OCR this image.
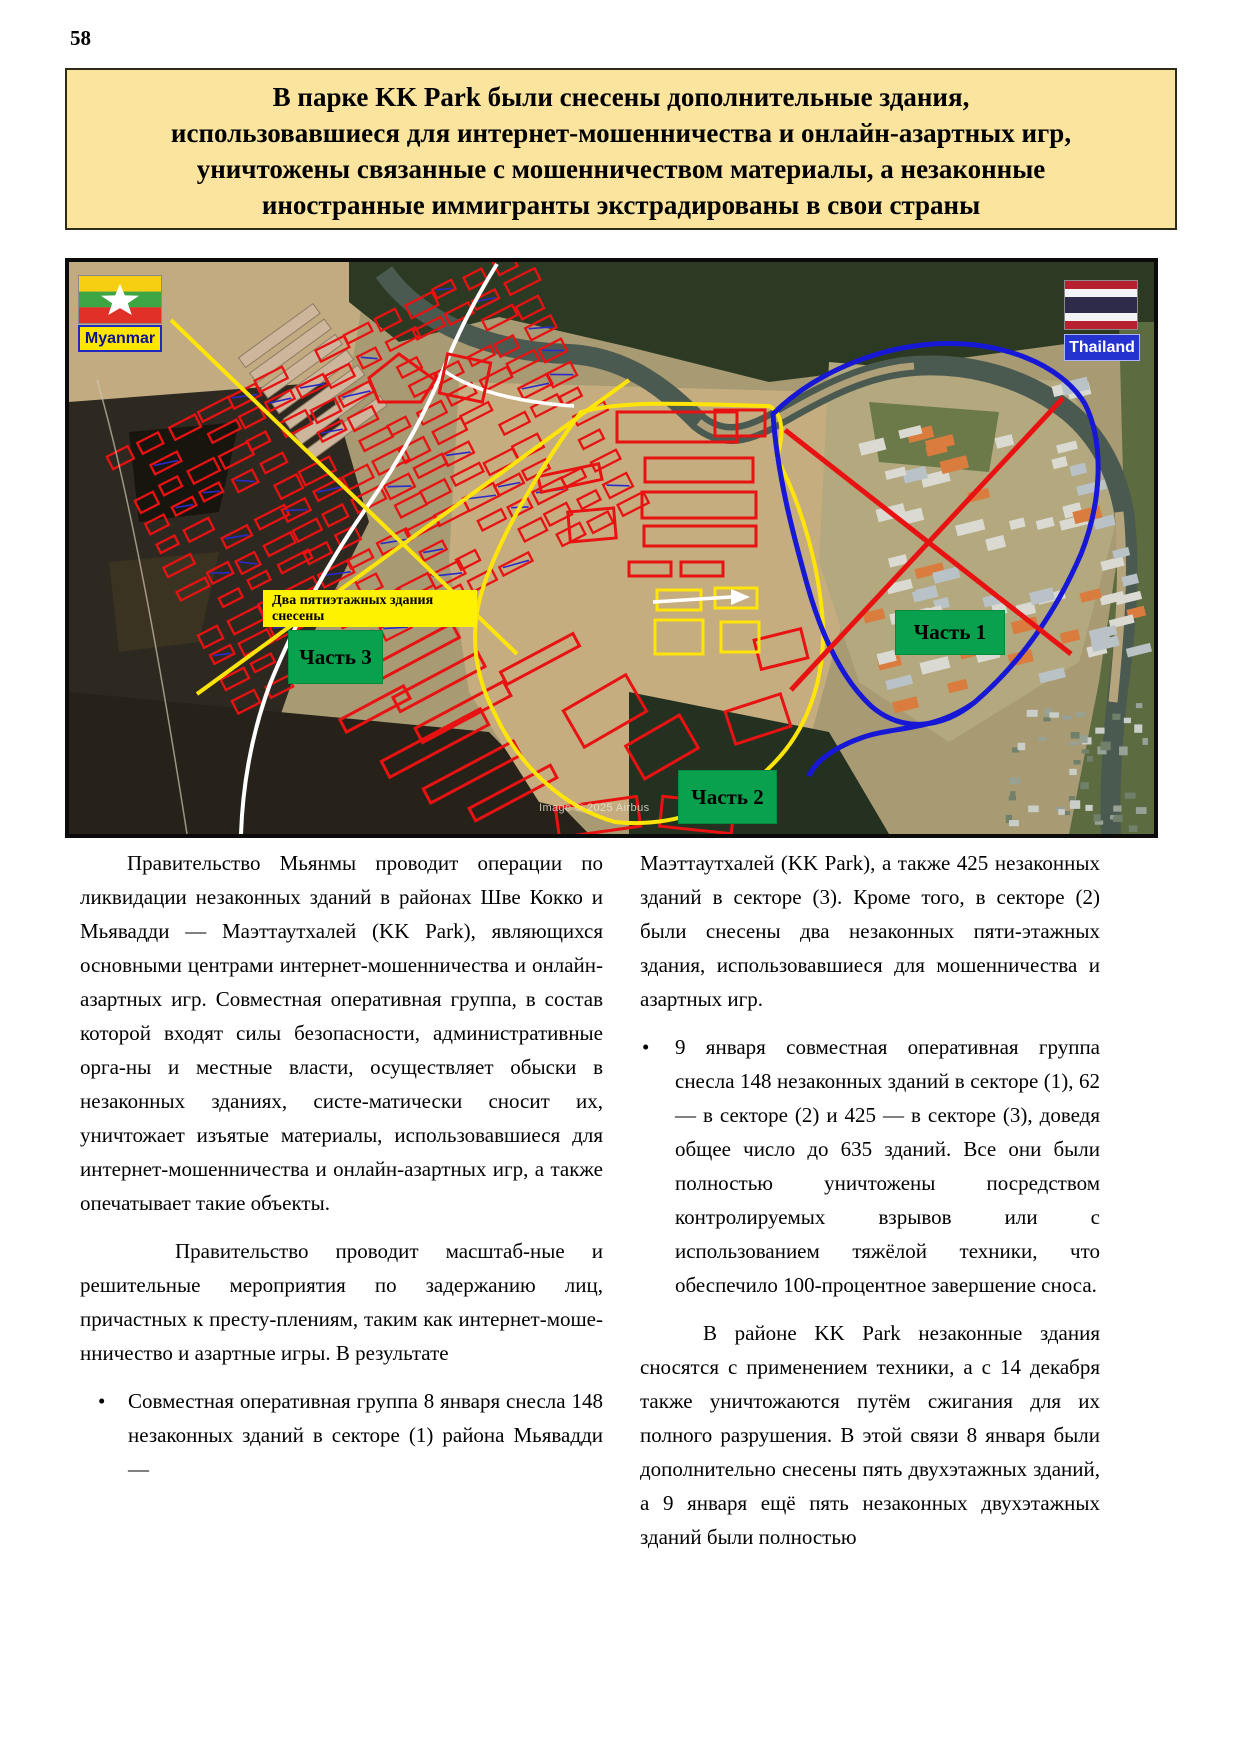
58
В парке KK Park были снесены дополнительные здания,
использовавшиеся для интернет-мошенничества и онлайн-азартных игр,
уничтожены связанные с мошенничеством материалы, а незаконные
иностранные иммигранты экстрадированы в свои страны
Myanmar
Thailand
Два пятиэтажных здания снесены
Часть 1
Часть 2
Часть 3
Image © 2025 Airbus

Правительство Мьянмы проводит операции по ликвидации незаконных зданий в районах Шве Кокко и Мьявадди — Маэттаутхалей (KK Park), являющихся основными центрами интернет-мошенничества и онлайн-азартных игр. Совместная оперативная группа, в состав которой входят силы безопасности, административные орга-ны и местные власти, осуществляет обыски в незаконных зданиях, систе-матически сносит их, уничтожает изъятые материалы, использовавшиеся для интернет-мошенничества и онлайн-азартных игр, а также опечатывает такие объекты.

Правительство проводит масштаб-ные и решительные мероприятия по задержанию лиц, причастных к престу-плениям, таким как интернет-моше-нничество и азартные игры. В результате

• Совместная оперативная группа 8 января снесла 148 незаконных зданий в секторе (1) района Мьявадди —

Маэттаутхалей (KK Park), а также 425 незаконных зданий в секторе (3). Кроме того, в секторе (2) были снесены два незаконных пяти-этажных здания, использовавшиеся для мошенничества и азартных игр.

• 9 января совместная оперативная группа снесла 148 незаконных зданий в секторе (1), 62 — в секторе (2) и 425 — в секторе (3), доведя общее число до 635 зданий. Все они были полностью уничтожены посредством контролируемых взрывов или с использованием тяжёлой техники, что обеспечило 100-процентное завершение сноса.

В районе KK Park незаконные здания сносятся с применением техники, а с 14 декабря также уничтожаются путём сжигания для их полного разрушения. В этой связи 8 января были дополнительно снесены пять двухэтажных зданий, а 9 января ещё пять незаконных двухэтажных зданий были полностью
